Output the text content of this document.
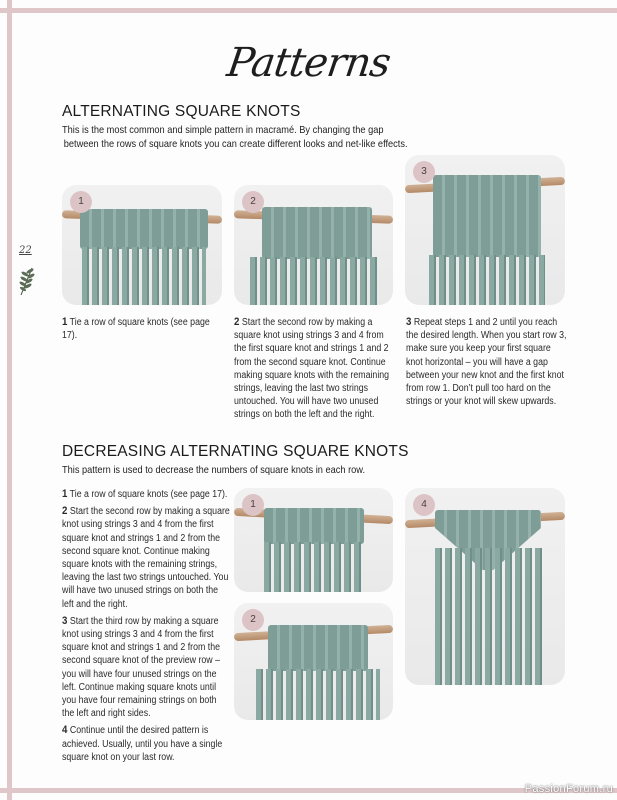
Patterns
22
ALTERNATING SQUARE KNOTS
This is the most common and simple pattern in macramé. By changing the gap
between the rows of square knots you can create different looks and net-like effects.
1	2
3
1 Tie a row of square knots (see page 17).
2 Start the second row by making a square knot using strings 3 and 4 from the first square knot and strings 1 and 2 from the second square knot. Continue making square knots with the remaining strings, leaving the last two strings untouched. You will have two unused strings on both the left and the right.
3 Repeat steps 1 and 2 until you reach the desired length. When you start row 3, make sure you keep your first square knot horizontal – you will have a gap between your new knot and the first knot from row 1. Don’t pull too hard on the strings or your knot will skew upwards.
DECREASING ALTERNATING SQUARE KNOTS
This pattern is used to decrease the numbers of square knots in each row.

1 Tie a row of square knots (see page 17).

2 Start the second row by making a square knot using strings 3 and 4 from the first square knot and strings 1 and 2 from the second square knot. Continue making square knots with the remaining strings, leaving the last two strings untouched. You will have two unused strings on both the left and the right.

3 Start the third row by making a square knot using strings 3 and 4 from the first square knot and strings 1 and 2 from the second square knot of the preview row – you will have four unused strings on the left. Continue making square knots until you have four remaining strings on both the left and right sides.

4 Continue until the desired pattern is achieved. Usually, until you have a single square knot on your last row.

1
2
4
PassionForum.ru
